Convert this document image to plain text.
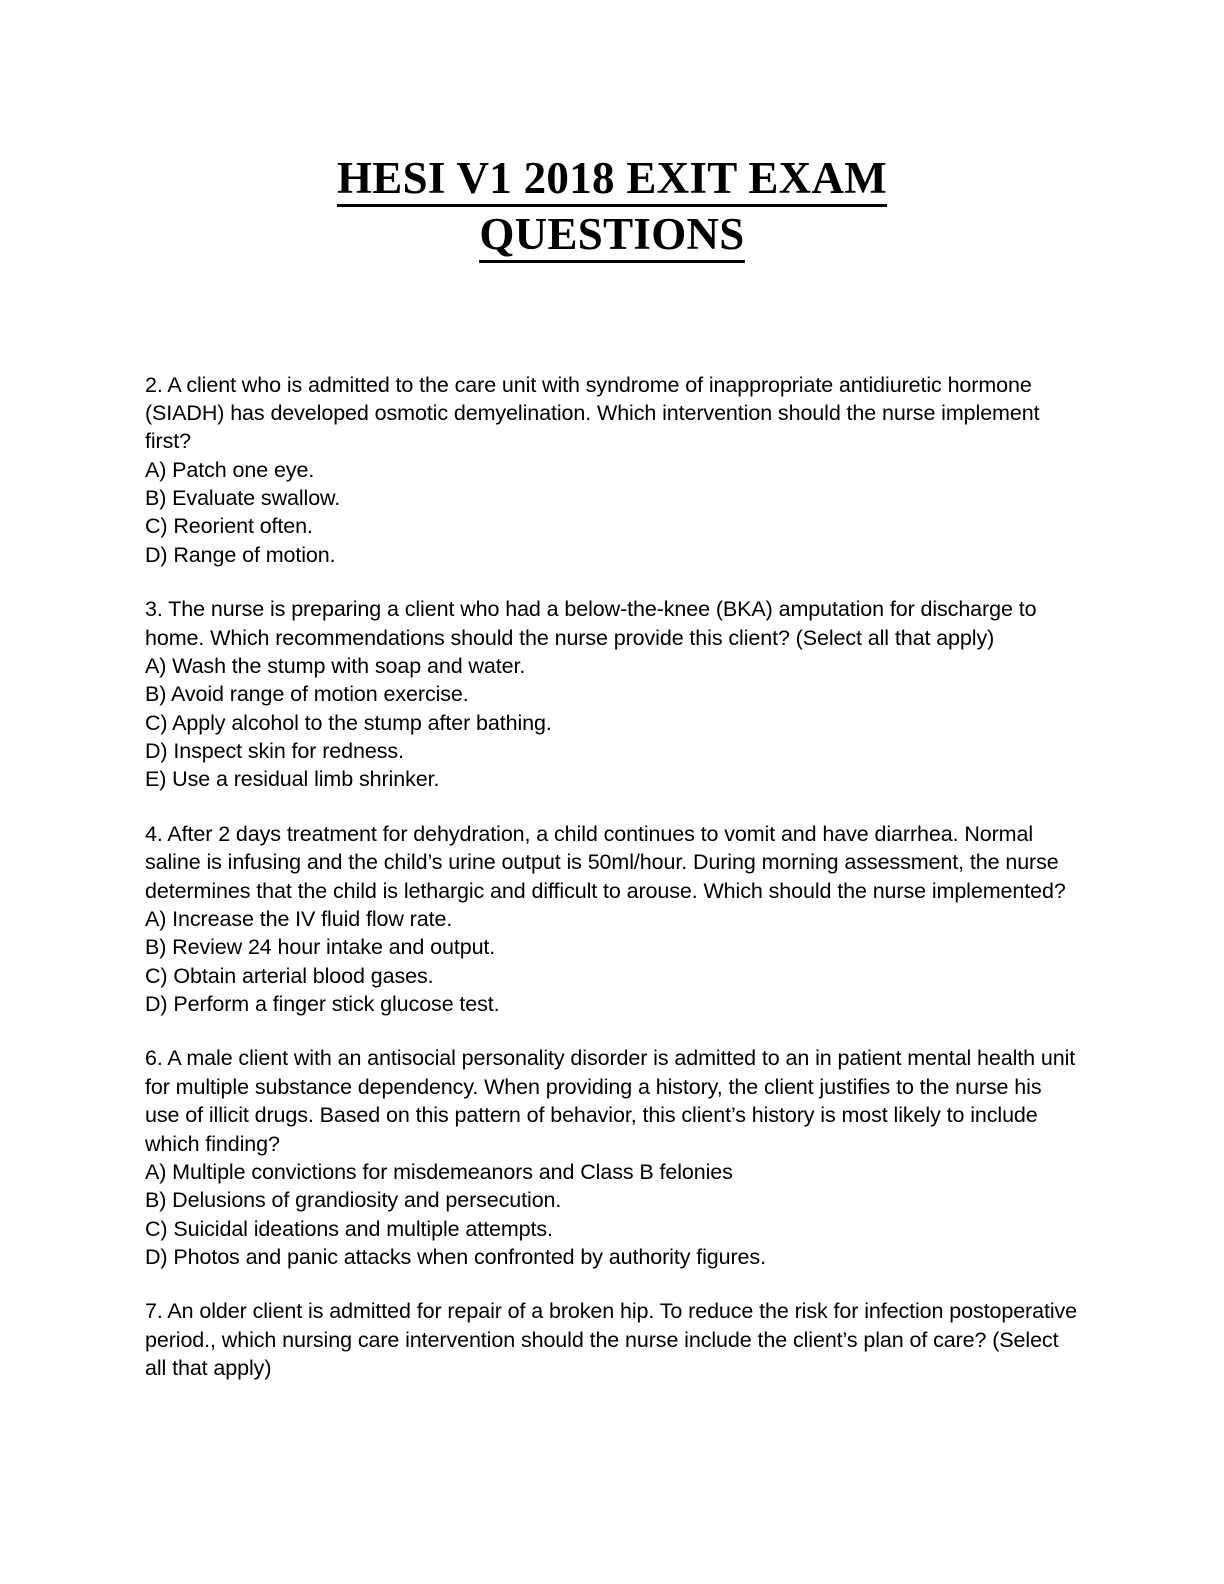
HESI V1 2018 EXIT EXAM
QUESTIONS

2. A client who is admitted to the care unit with syndrome of inappropriate antidiuretic hormone (SIADH) has developed osmotic demyelination. Which intervention should the nurse implement first?

A) Patch one eye.

B) Evaluate swallow.

C) Reorient often.

D) Range of motion.

3. The nurse is preparing a client who had a below-the-knee (BKA) amputation for discharge to home. Which recommendations should the nurse provide this client? (Select all that apply)

A) Wash the stump with soap and water.

B) Avoid range of motion exercise.

C) Apply alcohol to the stump after bathing.

D) Inspect skin for redness.

E) Use a residual limb shrinker.

4. After 2 days treatment for dehydration, a child continues to vomit and have diarrhea. Normal saline is infusing and the child’s urine output is 50ml/hour. During morning assessment, the nurse determines that the child is lethargic and difficult to arouse. Which should the nurse implemented?

A) Increase the IV fluid flow rate.

B) Review 24 hour intake and output.

C) Obtain arterial blood gases.

D) Perform a finger stick glucose test.

6. A male client with an antisocial personality disorder is admitted to an in patient mental health unit for multiple substance dependency. When providing a history, the client justifies to the nurse his use of illicit drugs. Based on this pattern of behavior, this client’s history is most likely to include which finding?

A) Multiple convictions for misdemeanors and Class B felonies

B) Delusions of grandiosity and persecution.

C) Suicidal ideations and multiple attempts.

D) Photos and panic attacks when confronted by authority figures.

7. An older client is admitted for repair of a broken hip. To reduce the risk for infection postoperative period., which nursing care intervention should the nurse include the client’s plan of care? (Select all that apply)
